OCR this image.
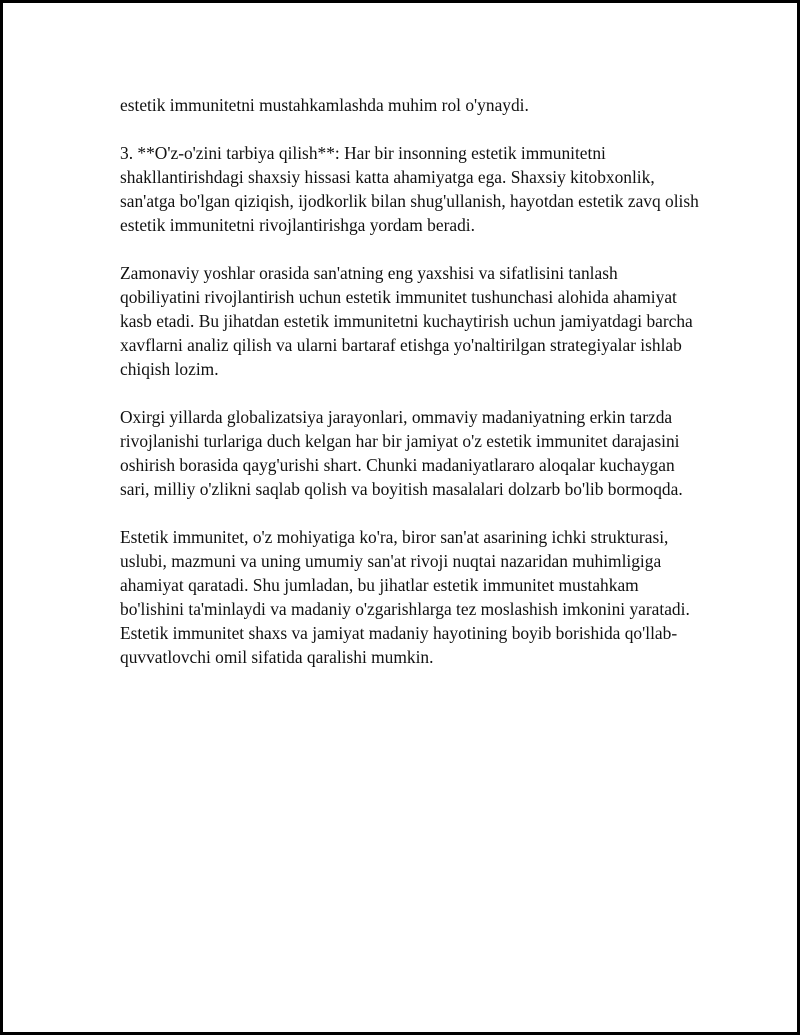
estetik immunitetni mustahkamlashda muhim rol o'ynaydi.

3. **O'z-o'zini tarbiya qilish**: Har bir insonning estetik immunitetni shakllantirishdagi shaxsiy hissasi katta ahamiyatga ega. Shaxsiy kitobxonlik, san'atga bo'lgan qiziqish, ijodkorlik bilan shug'ullanish, hayotdan estetik zavq olish estetik immunitetni rivojlantirishga yordam beradi.

Zamonaviy yoshlar orasida san'atning eng yaxshisi va sifatlisini tanlash qobiliyatini rivojlantirish uchun estetik immunitet tushunchasi alohida ahamiyat kasb etadi. Bu jihatdan estetik immunitetni kuchaytirish uchun jamiyatdagi barcha xavflarni analiz qilish va ularni bartaraf etishga yo'naltirilgan strategiyalar ishlab chiqish lozim.

Oxirgi yillarda globalizatsiya jarayonlari, ommaviy madaniyatning erkin tarzda rivojlanishi turlariga duch kelgan har bir jamiyat o'z estetik immunitet darajasini oshirish borasida qayg'urishi shart. Chunki madaniyatlararo aloqalar kuchaygan sari, milliy o'zlikni saqlab qolish va boyitish masalalari dolzarb bo'lib bormoqda.

Estetik immunitet, o'z mohiyatiga ko'ra, biror san'at asarining ichki strukturasi, uslubi, mazmuni va uning umumiy san'at rivoji nuqtai nazaridan muhimligiga ahamiyat qaratadi. Shu jumladan, bu jihatlar estetik immunitet mustahkam bo'lishini ta'minlaydi va madaniy o'zgarishlarga tez moslashish imkonini yaratadi. Estetik immunitet shaxs va jamiyat madaniy hayotining boyib borishida qo'llab-quvvatlovchi omil sifatida qaralishi mumkin.
